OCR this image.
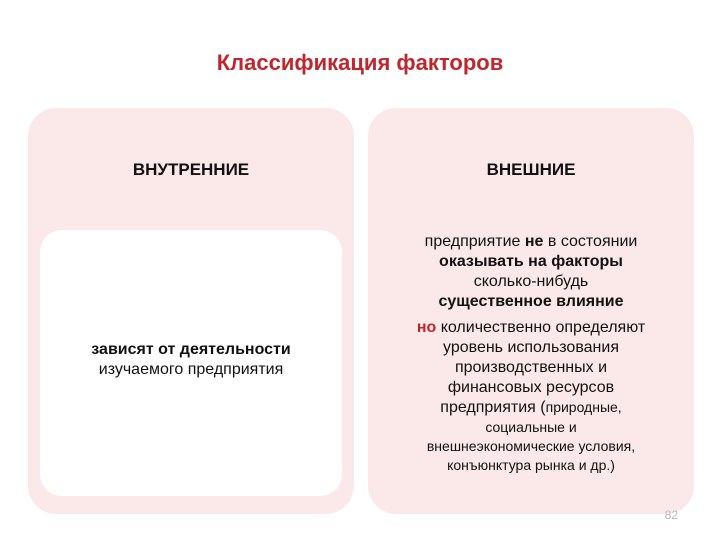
Классификация факторов
ВНУТРЕННИЕ
зависят от деятельности
изучаемого предприятия
ВНЕШНИЕ
предприятие не в состоянии
оказывать на факторы
сколько-нибудь
существенное влияние
но количественно определяют
уровень использования
производственных и
финансовых ресурсов
предприятия (природные,
социальные и
внешнеэкономические условия,
конъюнктура рынка и др.)
82
